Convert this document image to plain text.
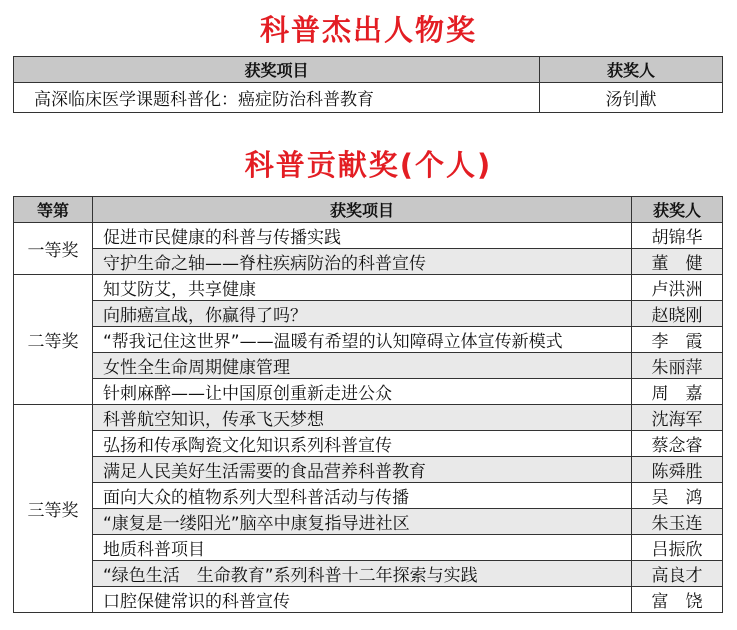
科普杰出人物奖
获奖项目	获奖人
高深临床医学课题科普化：癌症防治科普教育	汤钊猷
科普贡献奖(个人)
等第	获奖项目	获奖人
一等奖	促进市民健康的科普与传播实践	胡锦华
	守护生命之轴——脊柱疾病防治的科普宣传	董　健
二等奖	知艾防艾，共享健康	卢洪洲
	向肺癌宣战，你赢得了吗？	赵晓刚
	“帮我记住这世界”——温暖有希望的认知障碍立体宣传新模式	李　霞
	女性全生命周期健康管理	朱丽萍
	针刺麻醉——让中国原创重新走进公众	周　嘉
三等奖	科普航空知识，传承飞天梦想	沈海军
	弘扬和传承陶瓷文化知识系列科普宣传	蔡念睿
	满足人民美好生活需要的食品营养科普教育	陈舜胜
	面向大众的植物系列大型科普活动与传播	吴　鸿
	“康复是一缕阳光”脑卒中康复指导进社区	朱玉连
	地质科普项目	吕振欣
	“绿色生活　生命教育”系列科普十二年探索与实践	高良才
	口腔保健常识的科普宣传	富　饶
